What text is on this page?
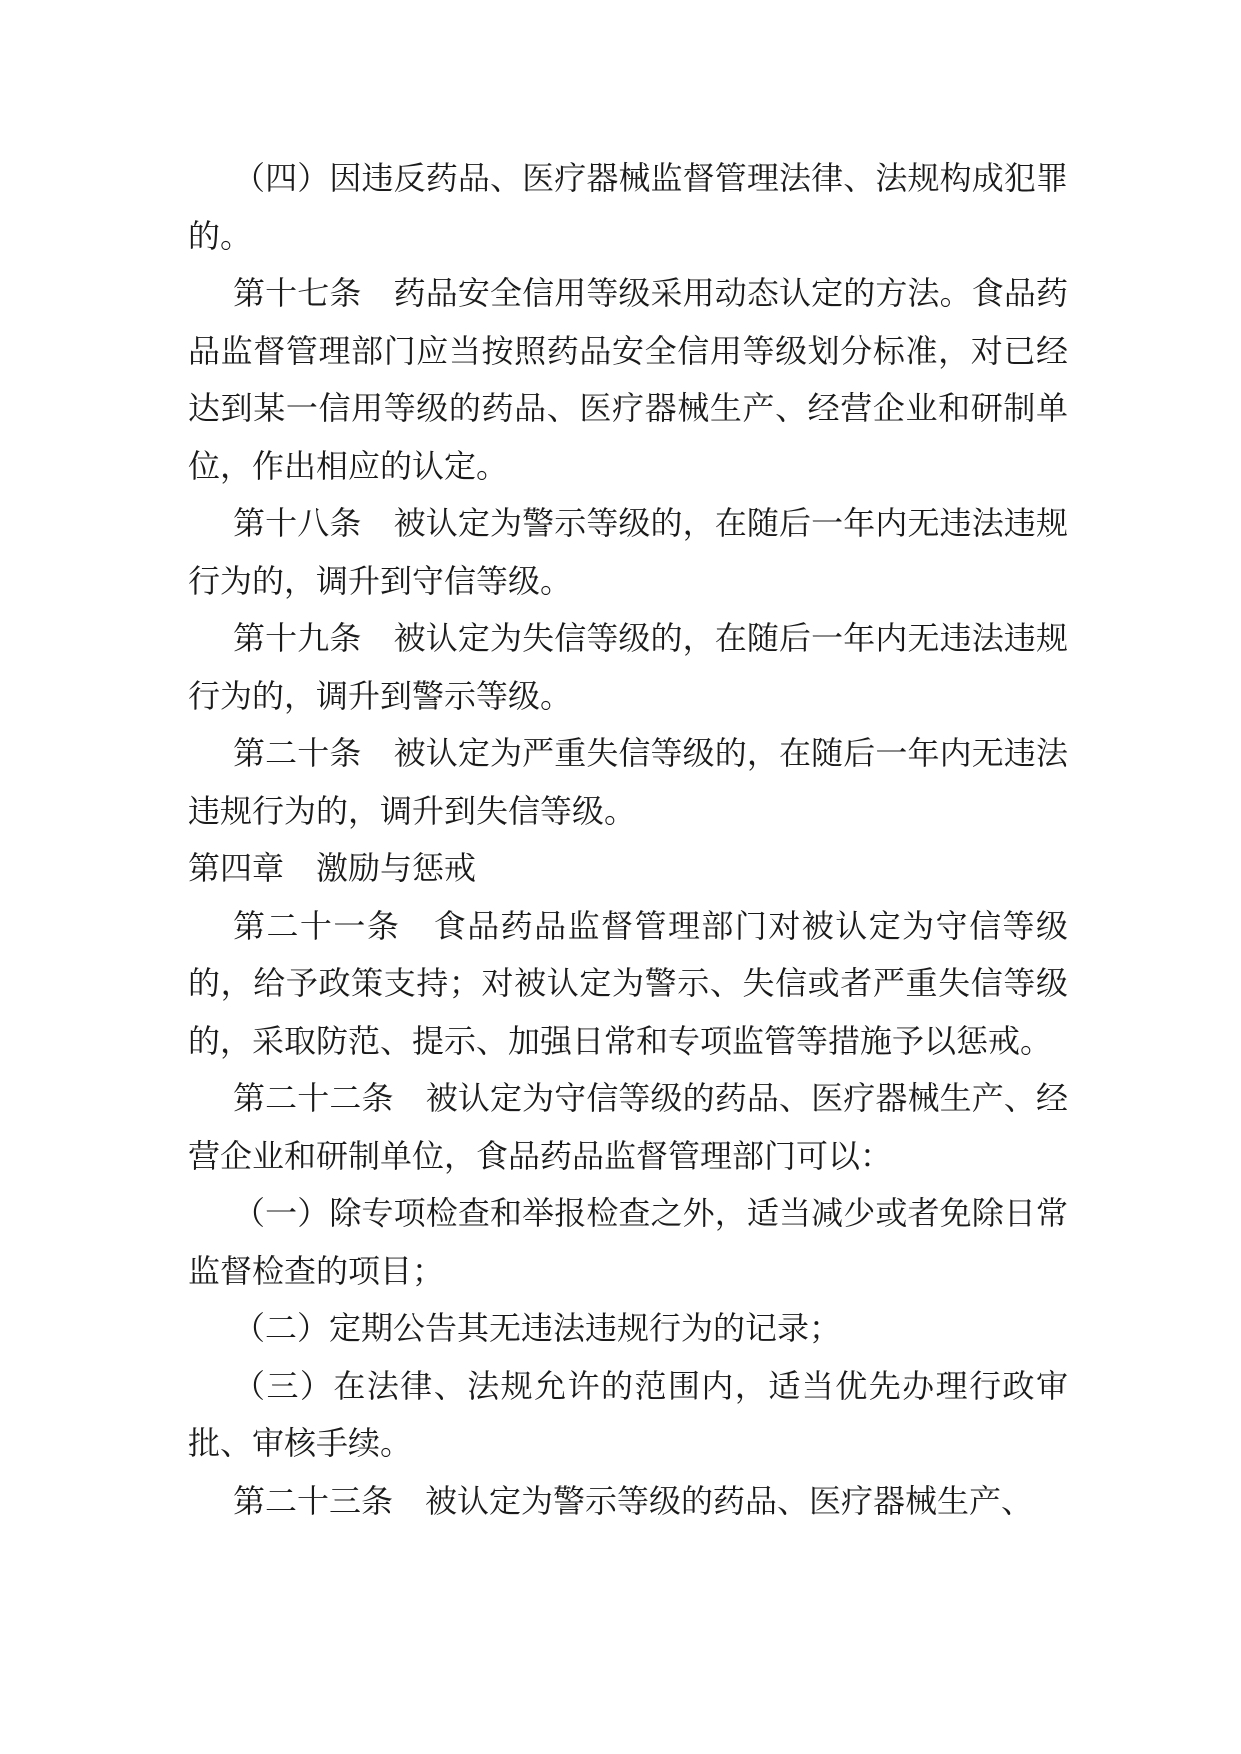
（四）因违反药品、医疗器械监督管理法律、法规构成犯罪的。

第十七条　药品安全信用等级采用动态认定的方法。食品药品监督管理部门应当按照药品安全信用等级划分标准，对已经达到某一信用等级的药品、医疗器械生产、经营企业和研制单位，作出相应的认定。

第十八条　被认定为警示等级的，在随后一年内无违法违规行为的，调升到守信等级。

第十九条　被认定为失信等级的，在随后一年内无违法违规行为的，调升到警示等级。

第二十条　被认定为严重失信等级的，在随后一年内无违法违规行为的，调升到失信等级。

第四章　激励与惩戒

第二十一条　食品药品监督管理部门对被认定为守信等级的，给予政策支持；对被认定为警示、失信或者严重失信等级的，采取防范、提示、加强日常和专项监管等措施予以惩戒。

第二十二条　被认定为守信等级的药品、医疗器械生产、经营企业和研制单位，食品药品监督管理部门可以：

（一）除专项检查和举报检查之外，适当减少或者免除日常监督检查的项目；

（二）定期公告其无违法违规行为的记录；

（三）在法律、法规允许的范围内，适当优先办理行政审批、审核手续。

第二十三条　被认定为警示等级的药品、医疗器械生产、
